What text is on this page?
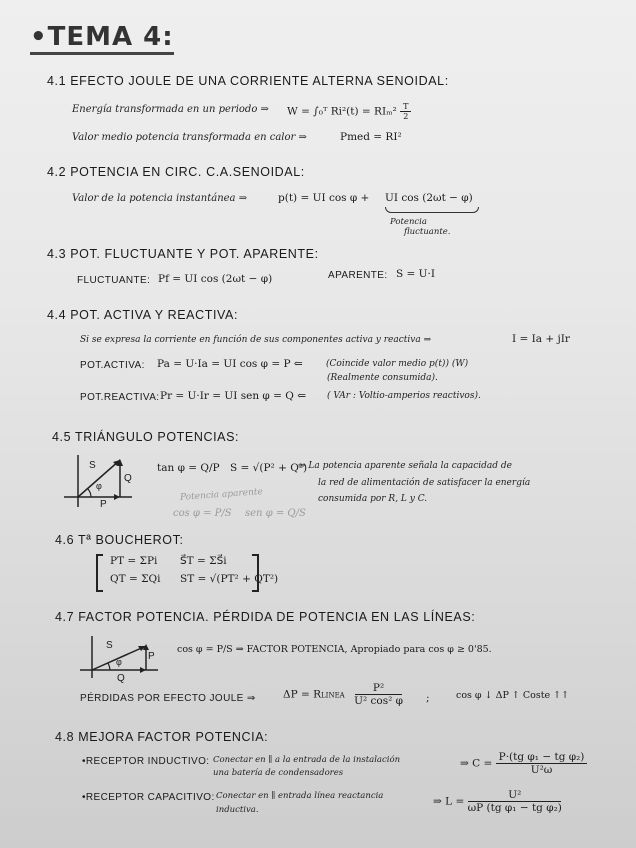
•TEMA 4:
4.1 EFECTO JOULE DE UNA CORRIENTE ALTERNA SENOIDAL:
Energía transformada en un periodo ⇒ W = ∫₀ᵀ $Ri^2(t) = RI_m^2 \frac{T}{2}$
Valor medio potencia transformada en calor ⇒	Pmed = RI²
4.2 POTENCIA EN CIRC. C.A.SENOIDAL:
Valor de la potencia instantánea ⇒	p(t) = UI cos φ + UI cos (2ωt − φ)
Potencia
fluctuante.
4.3 POT. FLUCTUANTE Y POT. APARENTE:
FLUCTUANTE: Pf = UI cos (2ωt − φ)	APARENTE: S = U·I
4.4 POT. ACTIVA Y REACTIVA:
Si se expresa la corriente en función de sus componentes activa y reactiva ⇒	I = Ia + jIr
POT.ACTIVA: Pa = U·Ia = UI cos φ = P ⇐	(Coincide valor medio p(t)) (W)
(Realmente consumida).
POT.REACTIVA: Pr = U·Ir = UI sen φ = Q ⇐ ( VAr : Voltio-amperios reactivos).
4.5 TRIÁNGULO POTENCIAS:
S
Q
P
φ
tan φ = Q/P S = √(P² + Q²)
⇒ La potencia aparente señala la capacidad de
la red de alimentación de satisfacer la energía
consumida por R, L y C.
Potencia aparente
cos φ = P/S sen φ = Q/S
4.6 Tª BOUCHEROT:
PT = ΣPi S⃗T = ΣS⃗i
QT = ΣQi ST = √(PT² + QT²)
4.7 FACTOR POTENCIA. PÉRDIDA DE POTENCIA EN LAS LÍNEAS:
S
P
Q
φ
cos φ = P/S ⇒ FACTOR POTENCIA, Apropiado para cos φ ≥ 0'85.
PÉRDIDAS POR EFECTO JOULE ⇒	ΔP = RLINEA $\frac{\text{P²}}{\text{U² cos² φ}}$ ;	cos φ ↓ ΔP ↑ Coste ↑↑
4.8 MEJORA FACTOR POTENCIA:
•RECEPTOR INDUCTIVO: Conectar en ∥ a la entrada de la instalación
una batería de condensadores
⇒ $C = \frac{\text{P·(tg φ₁ − tg φ₂)}}{\text{U²ω}}$
•RECEPTOR CAPACITIVO: Conectar en ∥ entrada línea reactancia
inductiva.
⇒ $L = \frac{\text{U²}}{\text{ωP (tg φ₁ − tg φ₂)}}$
